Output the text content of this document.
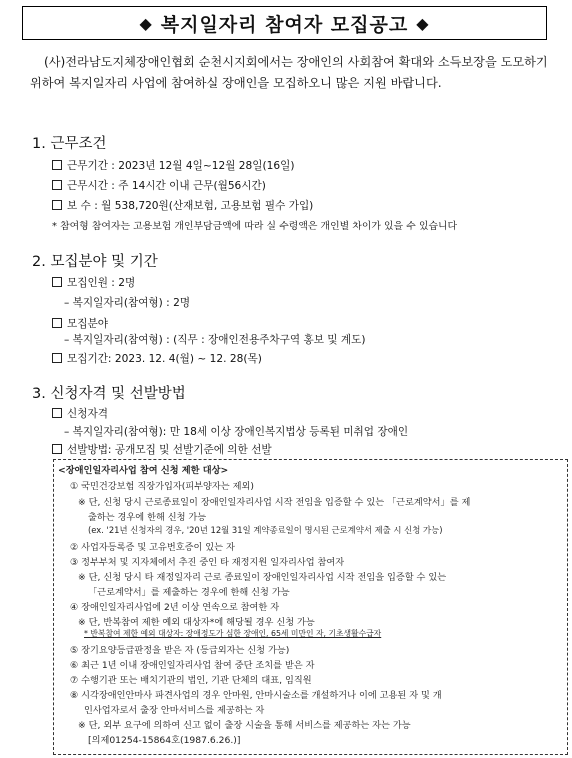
◆ 복지일자리 참여자 모집공고 ◆
(사)전라남도지체장애인협회 순천시지회에서는 장애인의 사회참여 확대와 소득보장을 도모하기 위하여 복지일자리 사업에 참여하실 장애인을 모집하오니 많은 지원 바랍니다.
1. 근무조건
근무기간 : 2023년 12월 4일~12월 28일(16일)
근무시간 : 주 14시간 이내 근무(월56시간)
보 수 : 월 538,720원(산재보험, 고용보험 필수 가입)
* 참여형 참여자는 고용보험 개인부담금액에 따라 실 수령액은 개인별 차이가 있을 수 있습니다
2. 모집분야 및 기간
모집인원 : 2명
– 복지일자리(참여형) : 2명
모집분야
– 복지일자리(참여형) : (직무 : 장애인전용주차구역 홍보 및 계도)
모집기간: 2023. 12. 4(월) ~ 12. 28(목)
3. 신청자격 및 선발방법
신청자격
– 복지일자리(참여형): 만 18세 이상 장애인복지법상 등록된 미취업 장애인
선발방법: 공개모집 및 선발기준에 의한 선발
<장애인일자리사업 참여 신청 제한 대상>
① 국민건강보험 직장가입자(피부양자는 제외)
※ 단, 신청 당시 근로종료일이 장애인일자리사업 시작 전임을 입증할 수 있는 「근로계약서」를 제
출하는 경우에 한해 신청 가능
(ex. '21년 신청자의 경우, '20년 12월 31일 계약종료일이 명시된 근로계약서 제출 시 신청 가능)
② 사업자등록증 및 고유번호증이 있는 자
③ 정부부처 및 지자체에서 추진 중인 타 재정지원 일자리사업 참여자
※ 단, 신청 당시 타 재정일자리 근로 종료일이 장애인일자리사업 시작 전임을 입증할 수 있는
「근로계약서」를 제출하는 경우에 한해 신청 가능
④ 장애인일자리사업에 2년 이상 연속으로 참여한 자
※ 단, 반복참여 제한 예외 대상자*에 해당될 경우 신청 가능
* 반복참여 제한 예외 대상자: 장애정도가 심한 장애인, 65세 미만인 자, 기초생활수급자
⑤ 장기요양등급판정을 받은 자 (등급외자는 신청 가능)
⑥ 최근 1년 이내 장애인일자리사업 참여 중단 조치를 받은 자
⑦ 수행기관 또는 배치기관의 법인, 기관 단체의 대표, 임직원
⑧ 시각장애인안마사 파견사업의 경우 안마원, 안마시술소를 개설하거나 이에 고용된 자 및 개
인사업자로서 출장 안마서비스를 제공하는 자
※ 단, 외부 요구에 의하여 신고 없이 출장 시술을 통해 서비스를 제공하는 자는 가능
[의제01254-15864호(1987.6.26.)]
